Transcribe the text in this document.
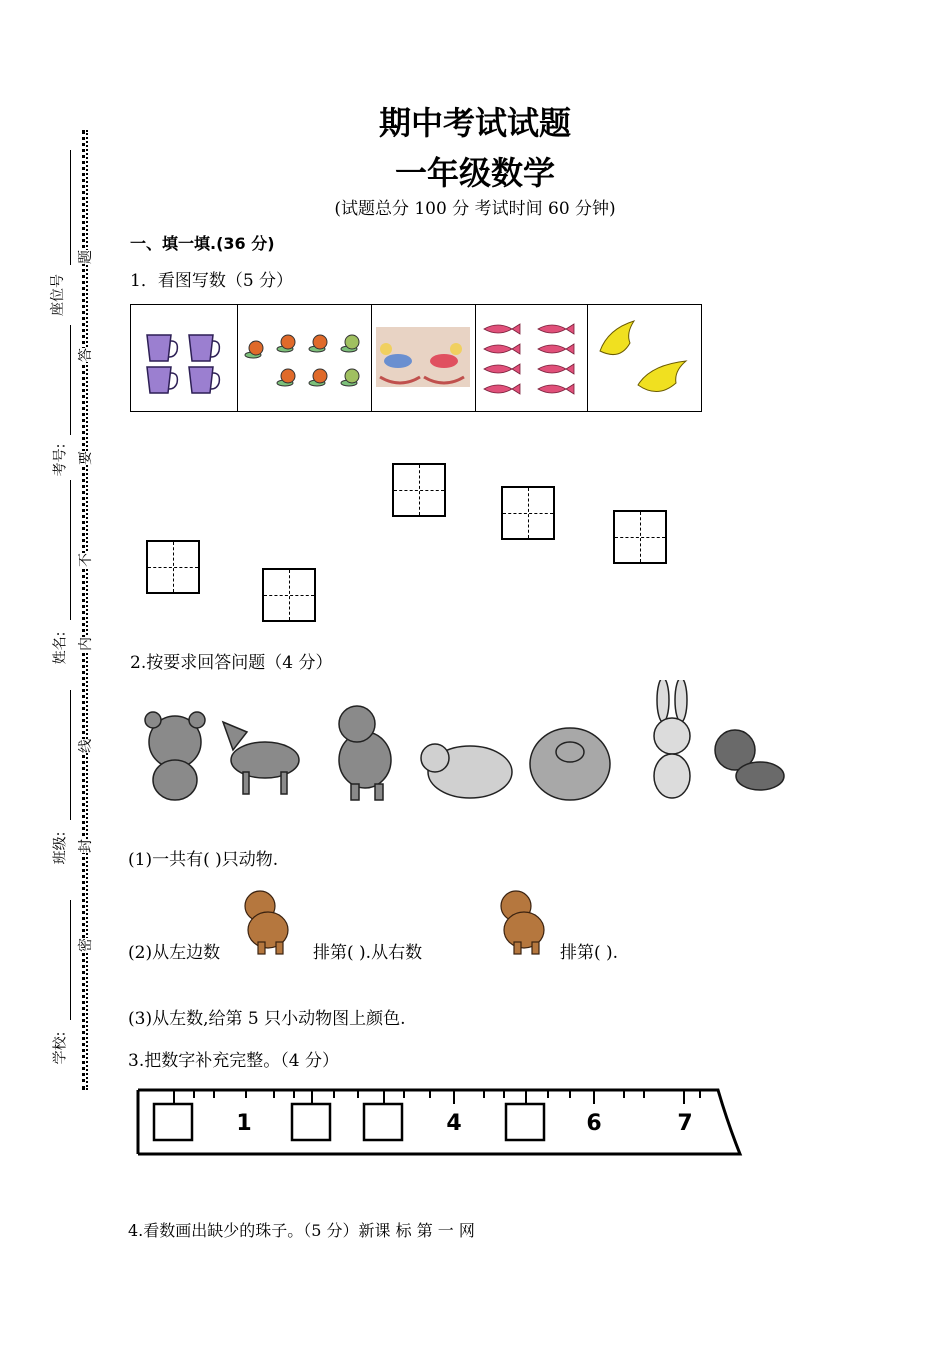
学校:
班级:
姓名:
考号:
座位号
密
封
线
内
不
要
答
题
期中考试试题
一年级数学
(试题总分 100 分 考试时间 60 分钟)
一、填一填.(36 分)
1．看图写数（5 分）
2.按要求回答问题（4 分）
(1)一共有( )只动物.
(2)从左边数	排第( ).从右数	排第( ).
(3)从左数,给第 5 只小动物图上颜色.
3.把数字补充完整。（4 分）
1	4	6	7
4.看数画出缺少的珠子。（5 分）新课 标 第 一 网
